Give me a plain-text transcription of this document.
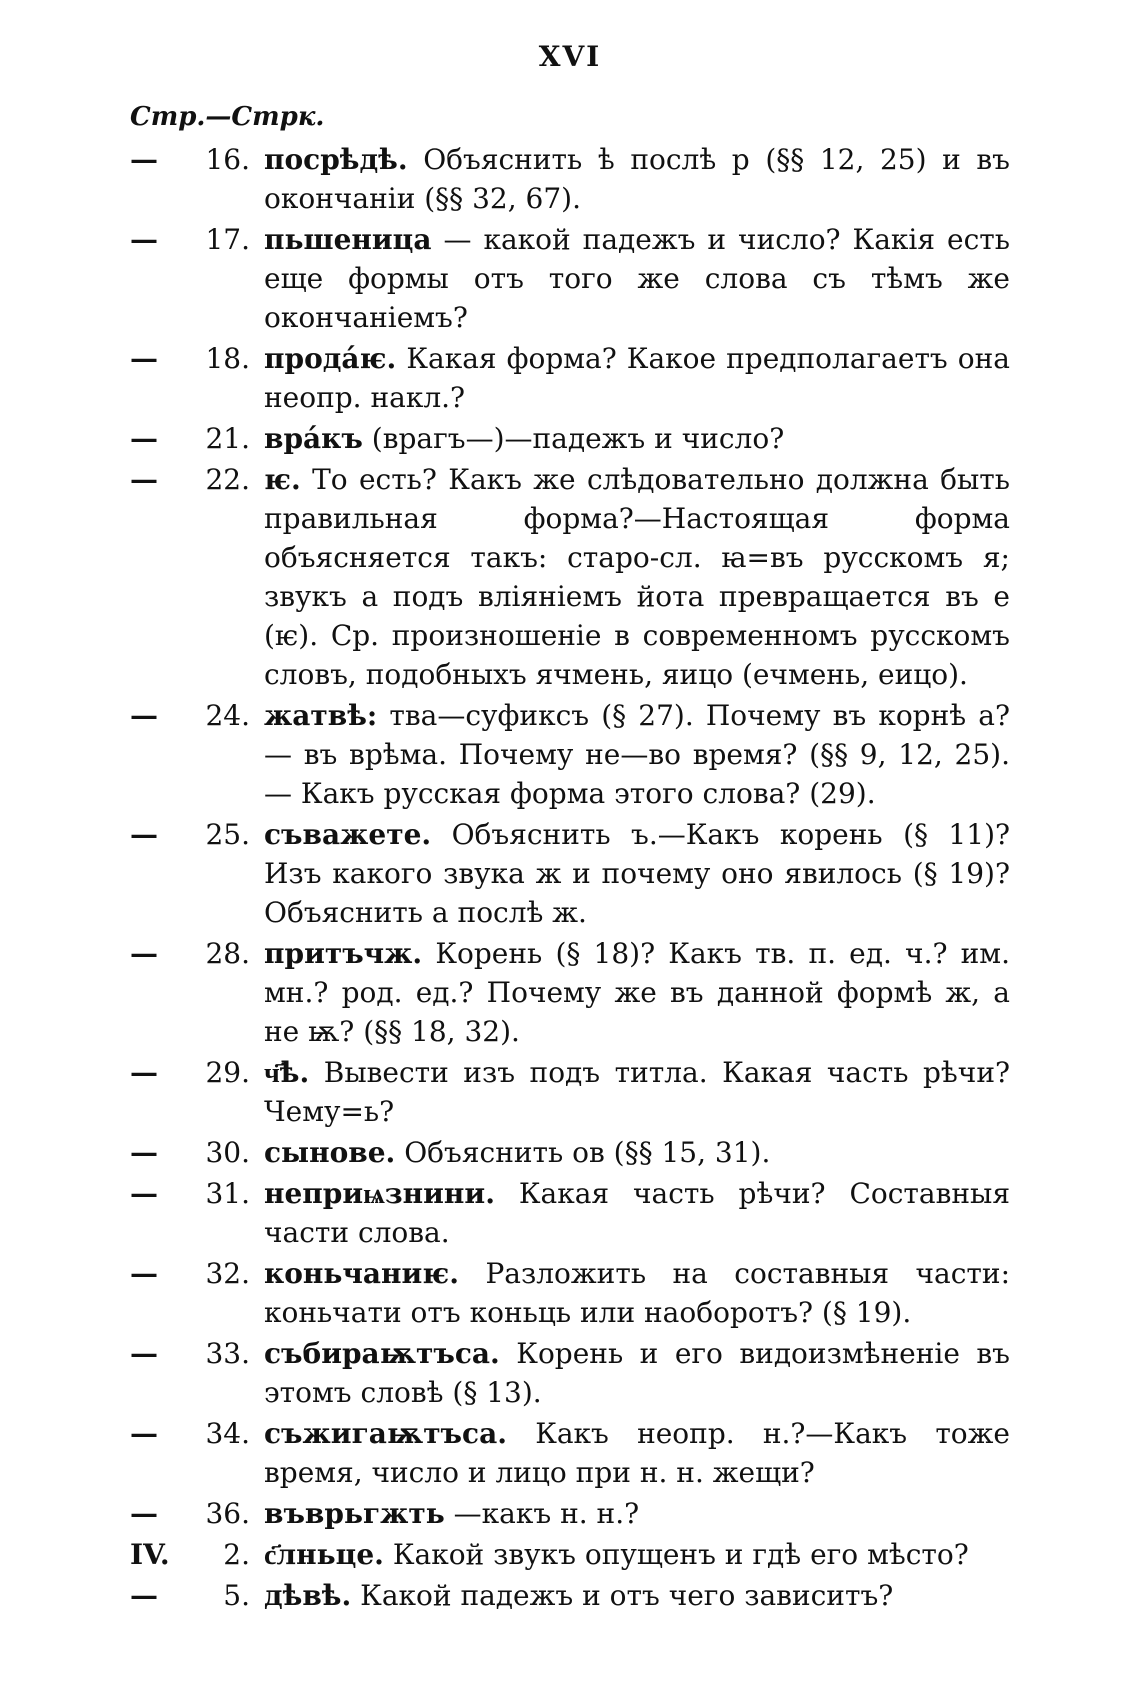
XVI
Стр.—Стрк.
—	16. посрѣдѣ. Объяснить ѣ послѣ р (§§ 12, 25) и въ окончаніи (§§ 32, 67).
—	17. пьшеница — какой падежъ и число? Какія есть еще формы отъ того же слова съ тѣмъ же окончаніемъ?
—	18. прода́ѥ. Какая форма? Какое предполагаетъ она неопр. накл.?
—	21. вра́къ (врагъ—)—падежъ и число?
—	22. ѥ. То есть? Какъ же слѣдовательно должна быть правильная форма?—Настоящая форма объясняется такъ: старо-сл. ꙗ=въ русскомъ я; звукъ а подъ вліяніемъ йота превращается въ е (ѥ). Ср. произношеніе в современномъ русскомъ словъ, подобныхъ ячмень, яицо (ечмень, еицо).
—	24. жатвѣ: тва—суфиксъ (§ 27). Почему въ корнѣ а?— въ врѣма. Почему не—во время? (§§ 9, 12, 25).— Какъ русская форма этого слова? (29).
—	25. съважете. Объяснить ъ.—Какъ корень (§ 11)? Изъ какого звука ж и почему оно явилось (§ 19)? Объяснить а послѣ ж.
—	28. притъчж. Корень (§ 18)? Какъ тв. п. ед. ч.? им. мн.? род. ед.? Почему же въ данной формѣ ж, а не ѭ? (§§ 18, 32).
—	29. ч҃ѣ. Вывести изъ подъ титла. Какая часть рѣчи? Чему=ь?
—	30. сынове. Объяснить ов (§§ 15, 31).
—	31. неприѩзнини. Какая часть рѣчи? Составныя части слова.
—	32. коньчаниѥ. Разложить на составныя части: коньчати отъ коньць или наоборотъ? (§ 19).
—	33. събираѭтъса. Корень и его видоизмѣненіе въ этомъ словѣ (§ 13).
—	34. съжигаѭтъса. Какъ неопр. н.?—Какъ тоже время, число и лицо при н. н. жещи?
—	36. въврьгжть —какъ н. н.?
IV.	2. с҃лньце. Какой звукъ опущенъ и гдѣ его мѣсто?
—	5. дѣвѣ. Какой падежъ и отъ чего зависитъ?
